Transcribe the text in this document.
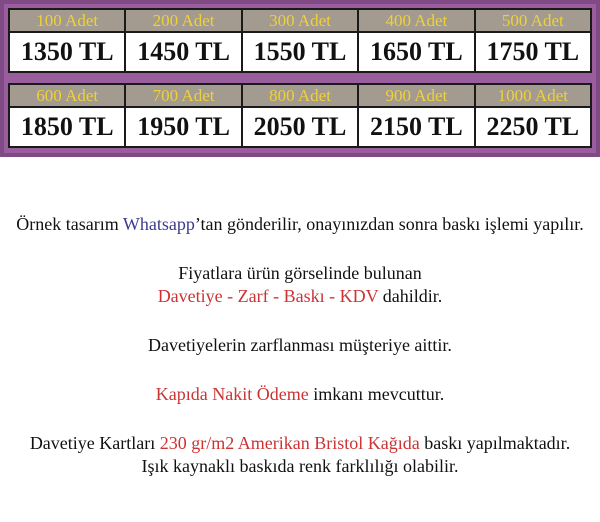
100 Adet	200 Adet	300 Adet	400 Adet	500 Adet
1350 TL 1450 TL 1550 TL 1650 TL 1750 TL
600 Adet	700 Adet	800 Adet	900 Adet	1000 Adet
1850 TL 1950 TL 2050 TL 2150 TL 2250 TL

Örnek tasarım Whatsapp’tan gönderilir, onayınızdan sonra baskı işlemi yapılır.

Fiyatlara ürün görselinde bulunan
Davetiye - Zarf - Baskı - KDV dahildir.

Davetiyelerin zarflanması müşteriye aittir.

Kapıda Nakit Ödeme imkanı mevcuttur.

Davetiye Kartları 230 gr/m2 Amerikan Bristol Kağıda baskı yapılmaktadır.
Işık kaynaklı baskıda renk farklılığı olabilir.
